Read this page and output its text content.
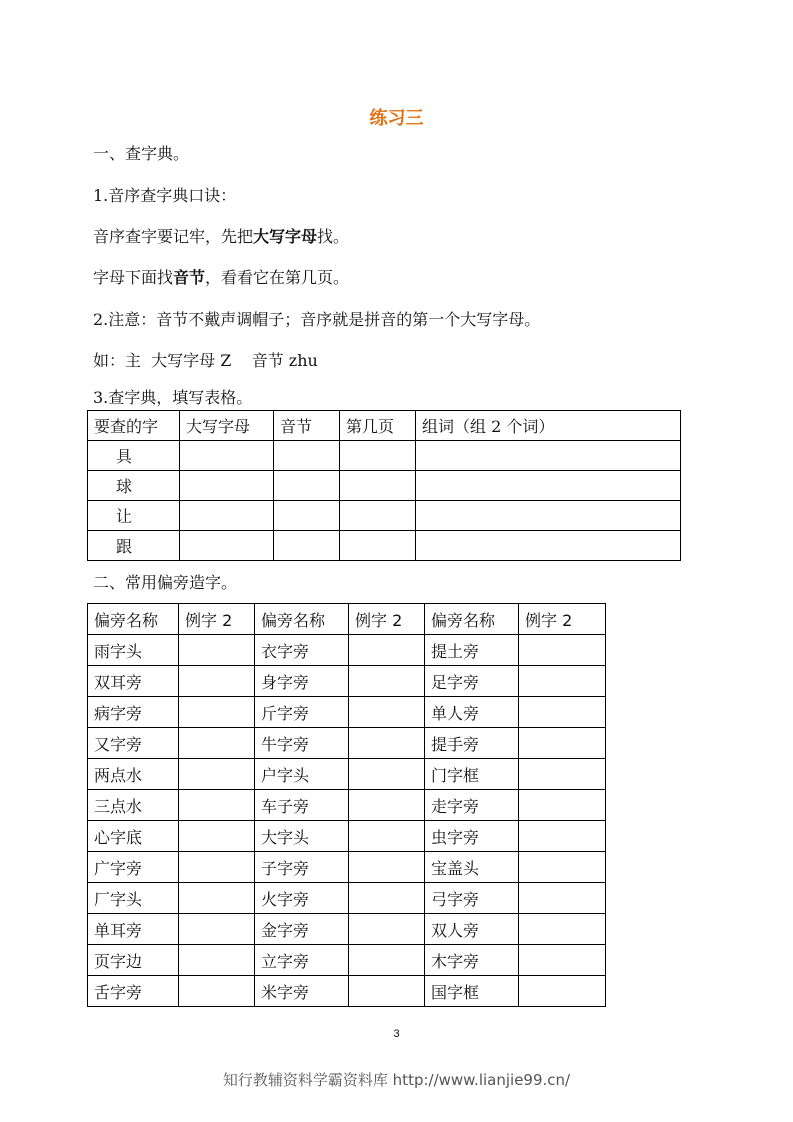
练习三
一、查字典。
1.音序查字典口诀：
音序查字要记牢，先把大写字母找。
字母下面找音节，看看它在第几页。
2.注意：音节不戴声调帽子；音序就是拼音的第一个大写字母。
如：主  大写字母 Z    音节 zhu
3.查字典，填写表格。
要查的字	大写字母	音节	第几页	组词（组 2 个词）
具				
球				
让				
跟				
二、常用偏旁造字。
偏旁名称	例字 2	偏旁名称	例字 2	偏旁名称	例字 2
雨字头		衣字旁		提土旁	
双耳旁		身字旁		足字旁	
病字旁		斤字旁		单人旁	
又字旁		牛字旁		提手旁	
两点水		户字头		门字框	
三点水		车子旁		走字旁	
心字底		大字头		虫字旁	
广字旁		子字旁		宝盖头	
厂字头		火字旁		弓字旁	
单耳旁		金字旁		双人旁	
页字边		立字旁		木字旁	
舌字旁		米字旁		国字框	
3
知行教辅资料学霸资料库 http://www.lianjie99.cn/
